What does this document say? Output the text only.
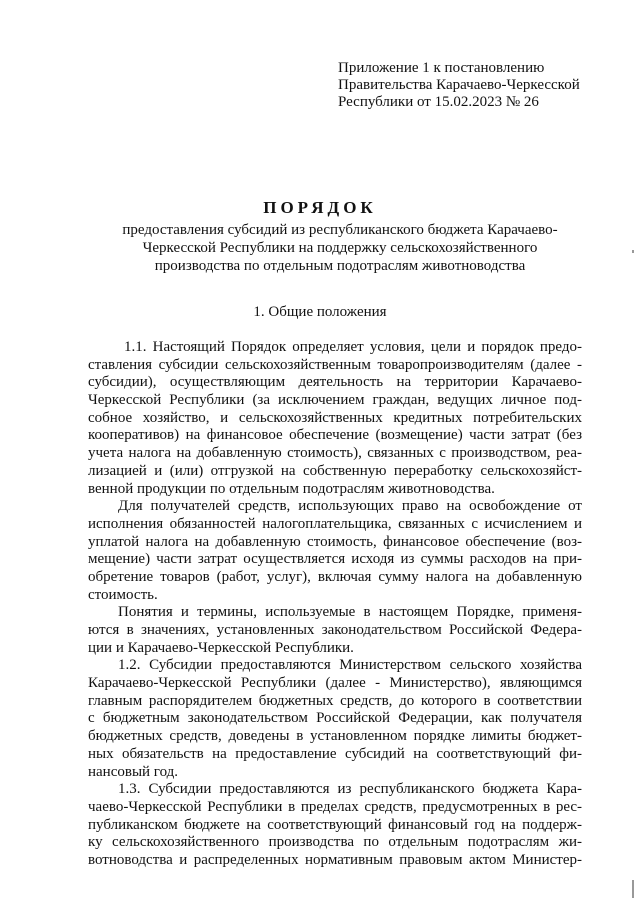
Приложение 1 к постановлению
Правительства Карачаево-Черкесской
Республики от 15.02.2023 № 26
ПОРЯДОК
предоставления субсидий из республиканского бюджета Карачаево-
Черкесской Республики на поддержку сельскохозяйственного
производства по отдельным подотраслям животноводства
1. Общие положения
1.1. Настоящий Порядок определяет условия, цели и порядок предо-
ставления субсидии сельскохозяйственным товаропроизводителям (далее -
субсидии), осуществляющим деятельность на территории Карачаево-
Черкесской Республики (за исключением граждан, ведущих личное под-
собное хозяйство, и сельскохозяйственных кредитных потребительских
кооперативов) на финансовое обеспечение (возмещение) части затрат (без
учета налога на добавленную стоимость), связанных с производством, реа-
лизацией и (или) отгрузкой на собственную переработку сельскохозяйст-
венной продукции по отдельным подотраслям животноводства.
Для получателей средств, использующих право на освобождение от
исполнения обязанностей налогоплательщика, связанных с исчислением и
уплатой налога на добавленную стоимость, финансовое обеспечение (воз-
мещение) части затрат осуществляется исходя из суммы расходов на при-
обретение товаров (работ, услуг), включая сумму налога на добавленную
стоимость.
Понятия и термины, используемые в настоящем Порядке, применя-
ются в значениях, установленных законодательством Российской Федера-
ции и Карачаево-Черкесской Республики.
1.2. Субсидии предоставляются Министерством сельского хозяйства
Карачаево-Черкесской Республики (далее - Министерство), являющимся
главным распорядителем бюджетных средств, до которого в соответствии
с бюджетным законодательством Российской Федерации, как получателя
бюджетных средств, доведены в установленном порядке лимиты бюджет-
ных обязательств на предоставление субсидий на соответствующий фи-
нансовый год.
1.3. Субсидии предоставляются из республиканского бюджета Кара-
чаево-Черкесской Республики в пределах средств, предусмотренных в рес-
публиканском бюджете на соответствующий финансовый год на поддерж-
ку сельскохозяйственного производства по отдельным подотраслям жи-
вотноводства и распределенных нормативным правовым актом Министер-
